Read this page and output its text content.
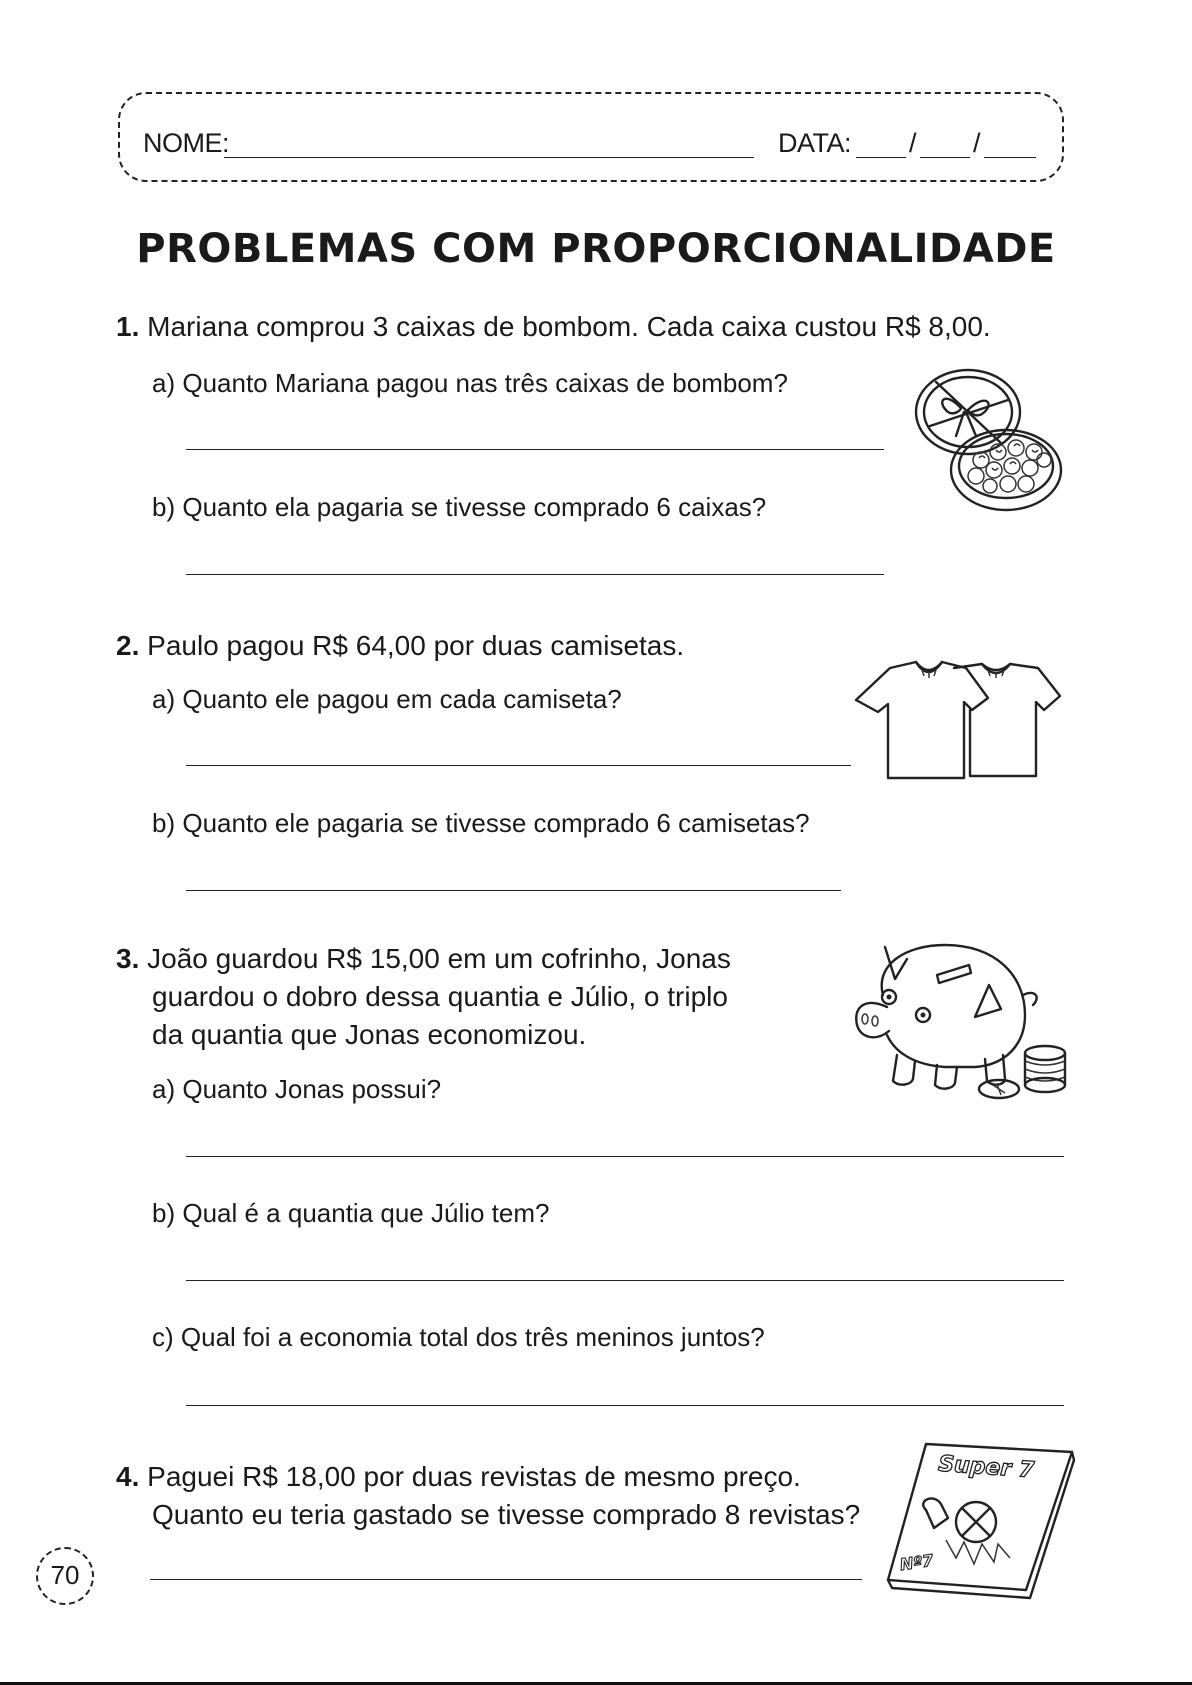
NOME:	DATA: / /
PROBLEMAS COM PROPORCIONALIDADE
1. Mariana comprou 3 caixas de bombom. Cada caixa custou R$ 8,00.
a) Quanto Mariana pagou nas três caixas de bombom?
b) Quanto ela pagaria se tivesse comprado 6 caixas?
2. Paulo pagou R$ 64,00 por duas camisetas.
a) Quanto ele pagou em cada camiseta?
b) Quanto ele pagaria se tivesse comprado 6 camisetas?
3. João guardou R$ 15,00 em um cofrinho, Jonas
guardou o dobro dessa quantia e Júlio, o triplo
da quantia que Jonas economizou.
a) Quanto Jonas possui?
b) Qual é a quantia que Júlio tem?
c) Qual foi a economia total dos três meninos juntos?
4. Paguei R$ 18,00 por duas revistas de mesmo preço.
Quanto eu teria gastado se tivesse comprado 8 revistas?
Super 7
Nº7
70
